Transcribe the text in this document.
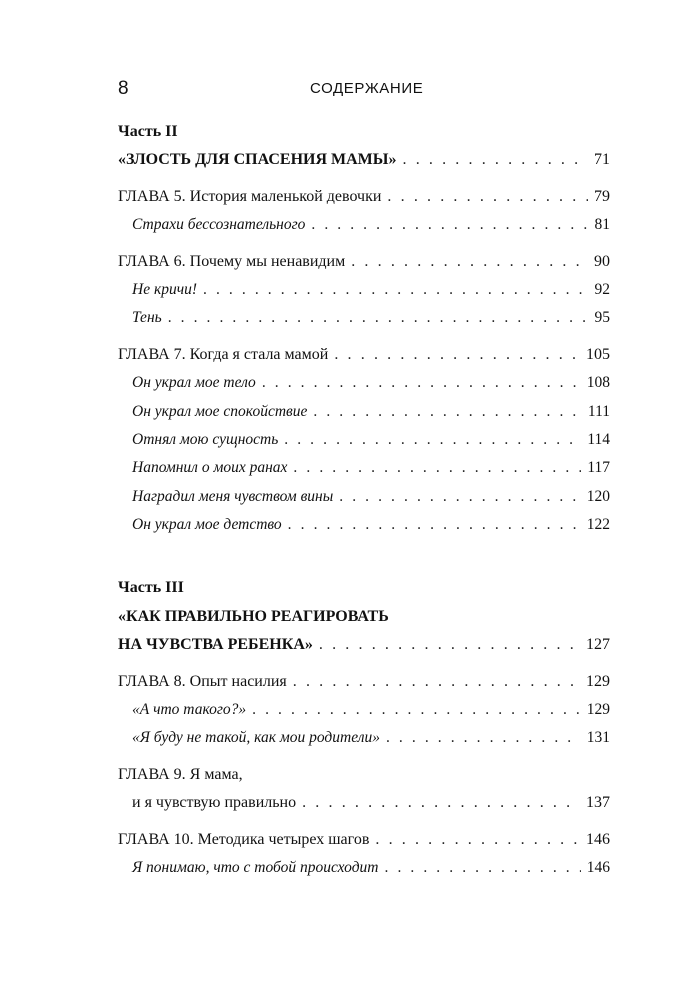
8	СОДЕРЖАНИЕ
Часть II
«ЗЛОСТЬ ДЛЯ СПАСЕНИЯ МАМЫ» . . .	71
ГЛАВА 5. История маленькой девочки . . .	79
Страхи бессознательного . . .	81
ГЛАВА 6. Почему мы ненавидим . . .	90
Не кричи! . . .	92
Тень . . .	95
ГЛАВА 7. Когда я стала мамой . . .	105
Он украл мое тело . . .	108
Он украл мое спокойствие . . .	111
Отнял мою сущность . . .	114
Напомнил о моих ранах . . .	117
Наградил меня чувством вины . . .	120
Он украл мое детство . . .	122
Часть III
«КАК ПРАВИЛЬНО РЕАГИРОВАТЬ
НА ЧУВСТВА РЕБЕНКА» . . .	127
ГЛАВА 8. Опыт насилия . . .	129
«А что такого?» . . .	129
«Я буду не такой, как мои родители» . . .	131
ГЛАВА 9. Я мама,
и я чувствую правильно . . .	137
ГЛАВА 10. Методика четырех шагов . . .	146
Я понимаю, что с тобой происходит . . .	146
